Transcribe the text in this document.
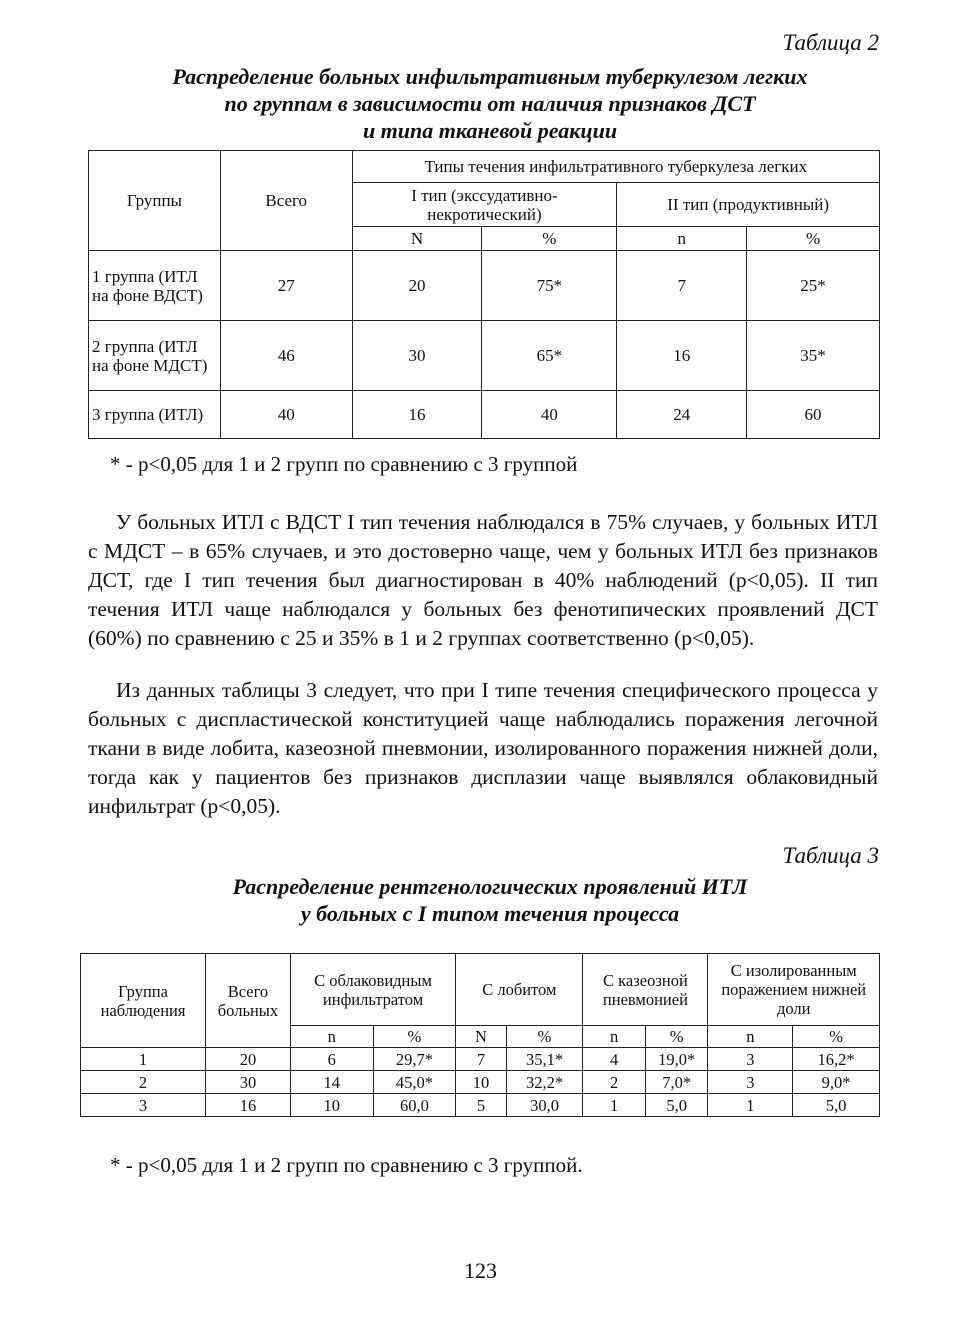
Таблица 2
Распределение больных инфильтративным туберкулезом легких
по группам в зависимости от наличия признаков ДСТ
и типа тканевой реакции
Группы	Всего	Типы течения инфильтративного туберкулеза легких			
		I тип (экссудативно-некротический)		II тип (продуктивный)	
		N	%	n	%
1 группа (ИТЛ на фоне ВДСТ)	27	20	75*	7	25*
2 группа (ИТЛ на фоне МДСТ)	46	30	65*	16	35*
3 группа (ИТЛ)	40	16	40	24	60
* - р<0,05 для 1 и 2 групп по сравнению с 3 группой
У больных ИТЛ с ВДСТ I тип течения наблюдался в 75% случаев, у больных ИТЛ с МДСТ – в 65% случаев, и это достоверно чаще, чем у больных ИТЛ без признаков ДСТ, где I тип течения был диагностирован в 40% наблюдений (р<0,05). II тип течения ИТЛ чаще наблюдался у больных без фенотипических проявлений ДСТ (60%) по сравнению с 25 и 35% в 1 и 2 группах соответственно (р<0,05).
Из данных таблицы 3 следует, что при I типе течения специфического процесса у больных с диспластической конституцией чаще наблюдались поражения легочной ткани в виде лобита, казеозной пневмонии, изолированного поражения нижней доли, тогда как у пациентов без признаков дисплазии чаще выявлялся облаковидный инфильтрат (р<0,05).
Таблица 3
Распределение рентгенологических проявлений ИТЛ
у больных с I типом течения процесса
Группа наблюдения	Всего больных	С облаковидным инфильтратом		С лобитом		С казеозной пневмонией		С изолированным поражением нижней доли	
		n	%	N	%	n	%	n	%
1	20	6	29,7*	7	35,1*	4	19,0*	3	16,2*
2	30	14	45,0*	10	32,2*	2	7,0*	3	9,0*
3	16	10	60,0	5	30,0	1	5,0	1	5,0
* - р<0,05 для 1 и 2 групп по сравнению с 3 группой.
123
